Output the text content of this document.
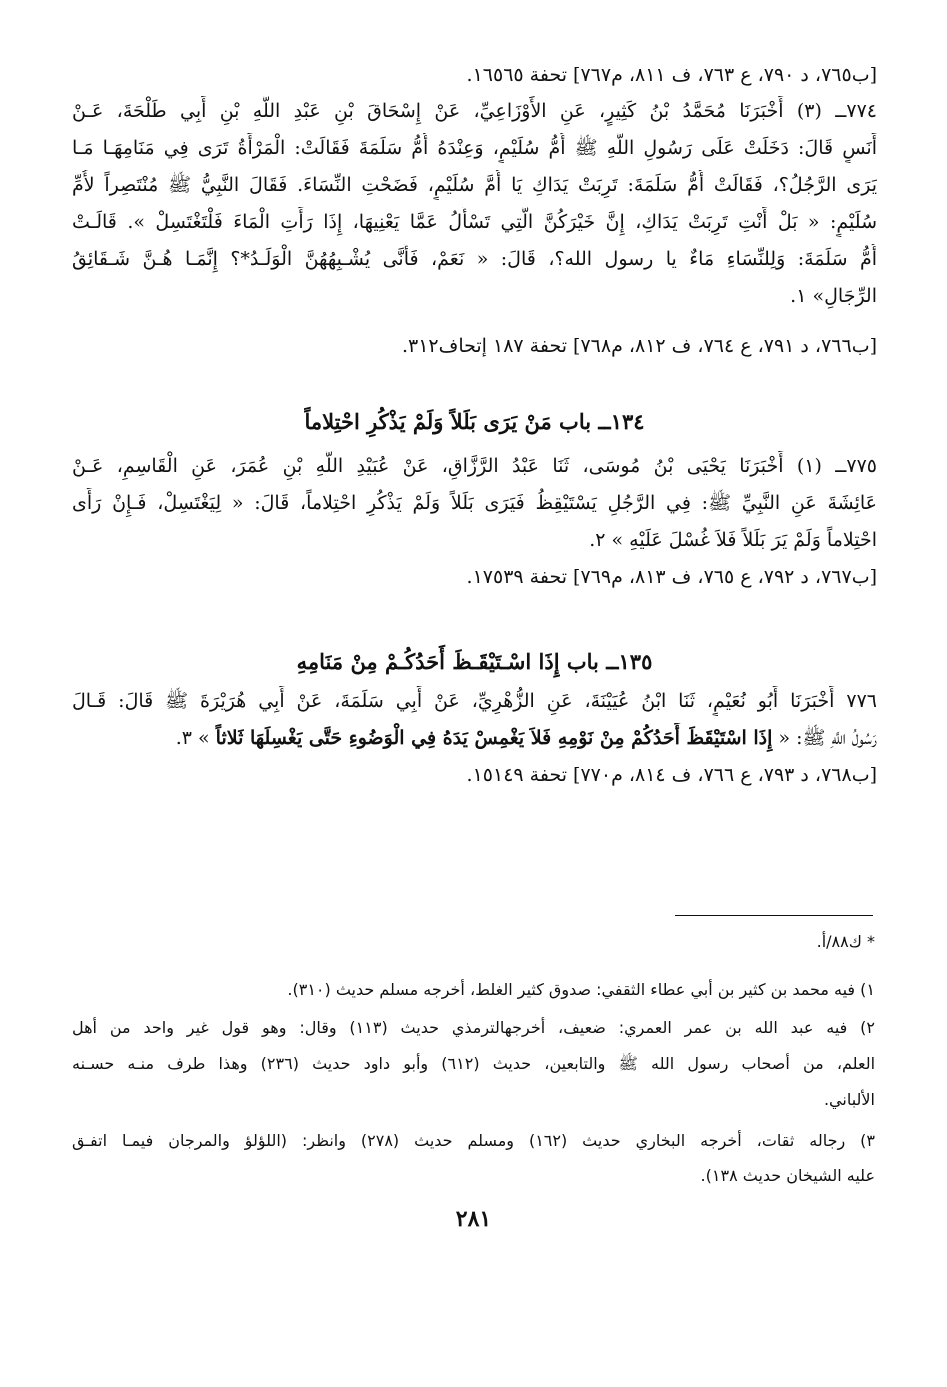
[ب٧٦٥، د ٧٩٠، ع ٧٦٣، ف ٨١١، م٧٦٧] تحفة ١٦٥٦٥.
٧٧٤ــ (٣) أَخْبَرَنَا مُحَمَّدُ بْنُ كَثِيرٍ، عَنِ الأَوْزَاعِيِّ، عَنْ إِسْحَاقَ بْنِ عَبْدِ اللَّهِ بْنِ أَبِي طَلْحَةَ، عَـنْ
أَنَسٍ قَالَ: دَخَلَتْ عَلَى رَسُولِ اللَّهِ ﷺ أُمُّ سُلَيْمٍ، وَعِنْدَهُ أُمُّ سَلَمَةَ فَقَالَتْ: الْمَرْأَةُ تَرَى فِي مَنَامِهَـا مَـا
يَرَى الرَّجُلُ؟، فَقَالَتْ أُمُّ سَلَمَةَ: تَرِبَتْ يَدَاكِ يَا أُمَّ سُلَيْمٍ، فَضَحْتِ النِّسَاءَ. فَقَالَ النَّبِيُّ ﷺ مُنْتَصِراً لأُمِّ
سُلَيْمٍ: « بَلْ أَنْتِ تَرِبَتْ يَدَاكِ، إِنَّ خَيْرَكُنَّ الَّتِي تَسْأَلُ عَمَّا يَعْنِيهَا، إِذَا رَأَتِ الْمَاءَ فَلْتَغْتَسِلْ ». قَالَـتْ
أُمُّ سَلَمَةَ: وَلِلنِّسَاءِ مَاءٌ يا رسول الله؟، قَالَ: « نَعَمْ، فَأَنَّى يُشْـبِهُهُنَّ الْوَلَـدُ*؟ إِنَّمَـا هُـنَّ شَـقَائِقُ
الرِّجَالِ» ١.
[ب٧٦٦، د ٧٩١، ع ٧٦٤، ف ٨١٢، م٧٦٨] تحفة ١٨٧ إتحاف٣١٢.
١٣٤ــ باب مَنْ يَرَى بَلَلاً وَلَمْ يَذْكُرِ احْتِلاماً
٧٧٥ــ (١) أَخْبَرَنَا يَحْيَى بْنُ مُوسَى، ثَنَا عَبْدُ الرَّزَّاقِ، عَنْ عُبَيْدِ اللَّهِ بْنِ عُمَرَ، عَنِ الْقَاسِمِ، عَـنْ
عَائِشَةَ عَنِ النَّبِيِّ ﷺ: فِي الرَّجُلِ يَسْتَيْقِظُ فَيَرَى بَلَلاً وَلَمْ يَذْكُرِ احْتِلاماً، قَالَ: « لِيَغْتَسِلْ، فَـإِنْ رَأَى
احْتِلاماً وَلَمْ يَرَ بَلَلاً فَلاَ غُسْلَ عَلَيْهِ » ٢.
[ب٧٦٧، د ٧٩٢، ع ٧٦٥، ف ٨١٣، م٧٦٩] تحفة ١٧٥٣٩.
١٣٥ــ باب إِذَا اسْـتَيْقَـظَ أَحَدُكُـمْ مِنْ مَنَامِهِ
٧٧٦ أَخْبَرَنَا أَبُو نُعَيْمٍ، ثَنَا ابْنُ عُيَيْنَةَ، عَنِ الزُّهْرِيِّ، عَنْ أَبِي سَلَمَةَ، عَنْ أَبِي هُرَيْرَةَ ﷺ قَالَ: قَـالَ
رَسُولُ اللَّهِ ﷺ: « إِذَا اسْتَيْقَظَ أَحَدُكُمْ مِنْ نَوْمِهِ فَلاَ يَغْمِسْ يَدَهُ فِي الْوَضُوءِ حَتَّى يَغْسِلَهَا ثَلاثاً » ٣.
[ب٧٦٨، د ٧٩٣، ع ٧٦٦، ف ٨١٤، م٧٧٠] تحفة ١٥١٤٩.
* ك٨٨/أ.
١) فيه محمد بن كثير بن أبي عطاء الثقفي: صدوق كثير الغلط، أخرجه مسلم حديث (٣١٠).
٢) فيه عبد الله بن عمر العمري: ضعيف، أخرجهالترمذي حديث (١١٣) وقال: وهو قول غير واحد من أهل
العلم، من أصحاب رسول الله ﷺ والتابعين، حديث (٦١٢) وأبو داود حديث (٢٣٦) وهذا طرف منـه حسـنه
الألباني.
٣) رجاله ثقات، أخرجه البخاري حديث (١٦٢) ومسلم حديث (٢٧٨) وانظر: (اللؤلؤ والمرجان فيمـا اتفـق
عليه الشيخان حديث ١٣٨).
٢٨١
